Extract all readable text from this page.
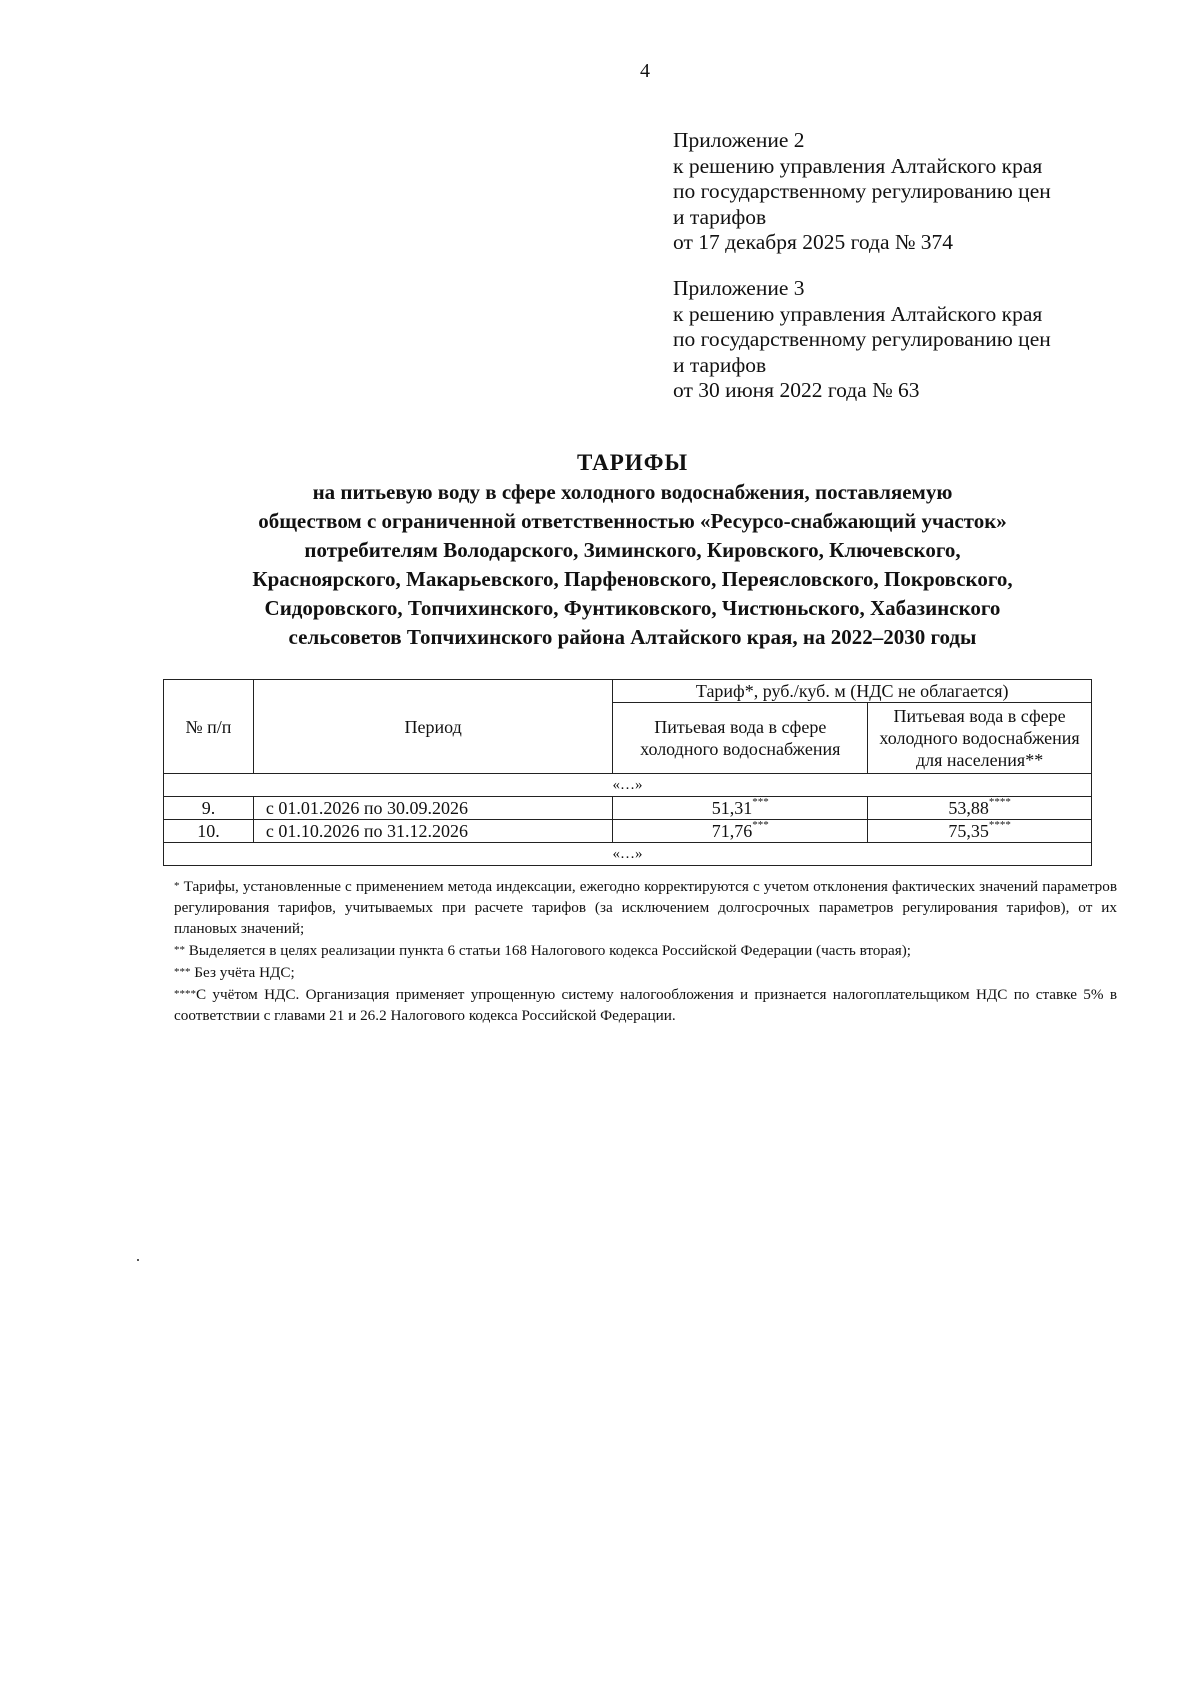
4
Приложение 2
к решению управления Алтайского края
по государственному регулированию цен
и тарифов
от 17 декабря 2025 года № 374
Приложение 3
к решению управления Алтайского края
по государственному регулированию цен
и тарифов
от 30 июня 2022 года № 63
ТАРИФЫ
на питьевую воду в сфере холодного водоснабжения, поставляемую
обществом с ограниченной ответственностью «Ресурсо-снабжающий участок»
потребителям Володарского, Зиминского, Кировского, Ключевского,
Красноярского, Макарьевского, Парфеновского, Переясловского, Покровского,
Сидоровского, Топчихинского, Фунтиковского, Чистюньского, Хабазинского
сельсоветов Топчихинского района Алтайского края, на 2022–2030 годы
№ п/п	Период	Тариф*, руб./куб. м (НДС не облагается)	
		Питьевая вода в сфере холодного водоснабжения	Питьевая вода в сфере холодного водоснабжения для населения**
«…»			
9.	с 01.01.2026 по 30.09.2026	51,31***	53,88****
10.	с 01.10.2026 по 31.12.2026	71,76***	75,35****
«…»			

* Тарифы, установленные с применением метода индексации, ежегодно корректируются с учетом отклонения фактических значений параметров регулирования тарифов, учитываемых при расчете тарифов (за исключением долгосрочных параметров регулирования тарифов), от их плановых значений;

** Выделяется в целях реализации пункта 6 статьи 168 Налогового кодекса Российской Федерации (часть вторая);

*** Без учёта НДС;

****С учётом НДС. Организация применяет упрощенную систему налогообложения и признается налогоплательщиком НДС по ставке 5% в соответствии с главами 21 и 26.2 Налогового кодекса Российской Федерации.
